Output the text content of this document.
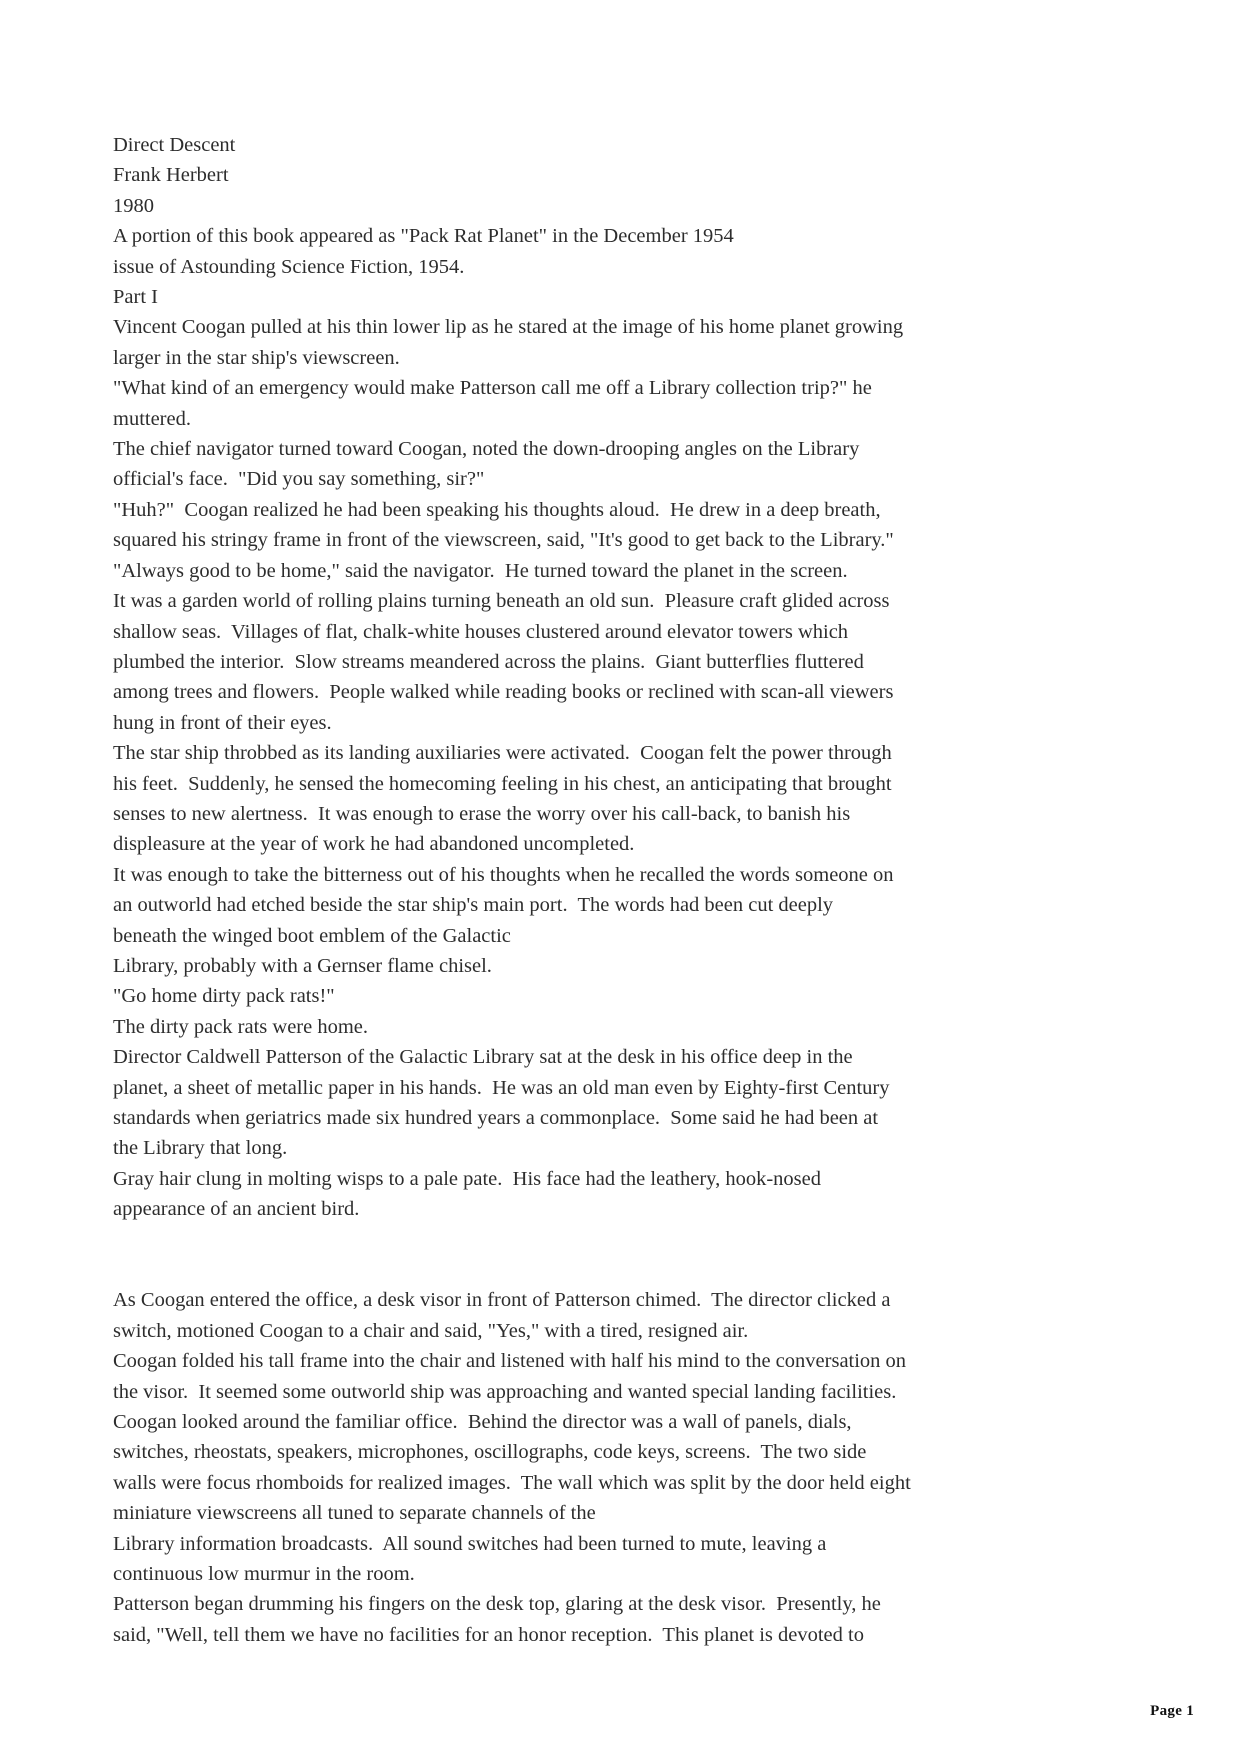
Direct Descent
Frank Herbert
1980
A portion of this book appeared as "Pack Rat Planet" in the December 1954
issue of Astounding Science Fiction, 1954.
Part I
Vincent Coogan pulled at his thin lower lip as he stared at the image of his home planet growing
larger in the star ship's viewscreen.
"What kind of an emergency would make Patterson call me off a Library collection trip?" he
muttered.
The chief navigator turned toward Coogan, noted the down-drooping angles on the Library
official's face.  "Did you say something, sir?"
"Huh?"  Coogan realized he had been speaking his thoughts aloud.  He drew in a deep breath,
squared his stringy frame in front of the viewscreen, said, "It's good to get back to the Library."
"Always good to be home," said the navigator.  He turned toward the planet in the screen.
It was a garden world of rolling plains turning beneath an old sun.  Pleasure craft glided across
shallow seas.  Villages of flat, chalk-white houses clustered around elevator towers which
plumbed the interior.  Slow streams meandered across the plains.  Giant butterflies fluttered
among trees and flowers.  People walked while reading books or reclined with scan-all viewers
hung in front of their eyes.
The star ship throbbed as its landing auxiliaries were activated.  Coogan felt the power through
his feet.  Suddenly, he sensed the homecoming feeling in his chest, an anticipating that brought
senses to new alertness.  It was enough to erase the worry over his call-back, to banish his
displeasure at the year of work he had abandoned uncompleted.
It was enough to take the bitterness out of his thoughts when he recalled the words someone on
an outworld had etched beside the star ship's main port.  The words had been cut deeply
beneath the winged boot emblem of the Galactic
Library, probably with a Gernser flame chisel.
"Go home dirty pack rats!"
The dirty pack rats were home.
Director Caldwell Patterson of the Galactic Library sat at the desk in his office deep in the
planet, a sheet of metallic paper in his hands.  He was an old man even by Eighty-first Century
standards when geriatrics made six hundred years a commonplace.  Some said he had been at
the Library that long.
Gray hair clung in molting wisps to a pale pate.  His face had the leathery, hook-nosed
appearance of an ancient bird.
As Coogan entered the office, a desk visor in front of Patterson chimed.  The director clicked a
switch, motioned Coogan to a chair and said, "Yes," with a tired, resigned air.
Coogan folded his tall frame into the chair and listened with half his mind to the conversation on
the visor.  It seemed some outworld ship was approaching and wanted special landing facilities.
Coogan looked around the familiar office.  Behind the director was a wall of panels, dials,
switches, rheostats, speakers, microphones, oscillographs, code keys, screens.  The two side
walls were focus rhomboids for realized images.  The wall which was split by the door held eight
miniature viewscreens all tuned to separate channels of the
Library information broadcasts.  All sound switches had been turned to mute, leaving a
continuous low murmur in the room.
Patterson began drumming his fingers on the desk top, glaring at the desk visor.  Presently, he
said, "Well, tell them we have no facilities for an honor reception.  This planet is devoted to
Page 1
